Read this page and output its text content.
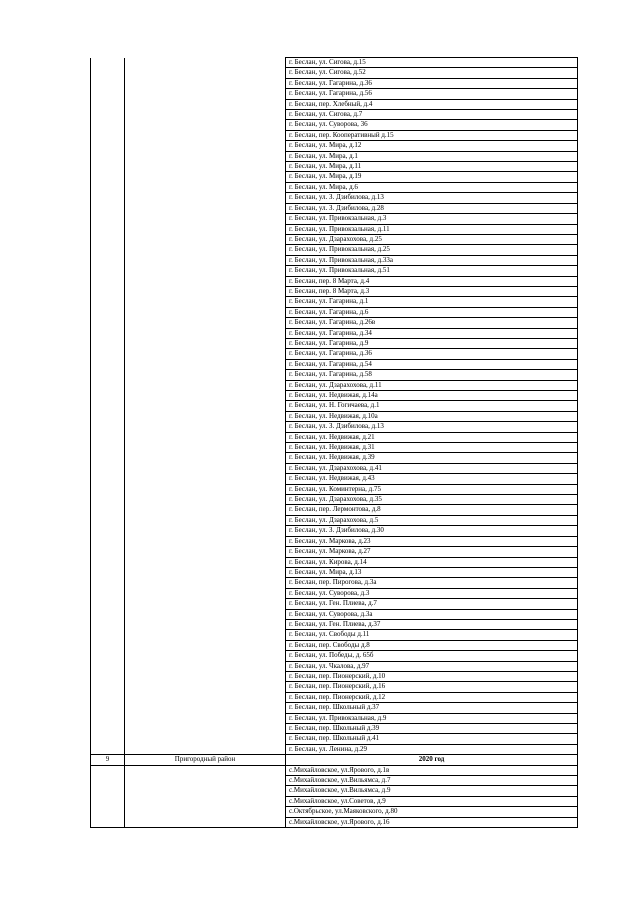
		г. Беслан, ул. Сигова, д.15
		г. Беслан, ул. Сигова, д.52
		г. Беслан, ул. Гагарина, д.36
		г. Беслан, ул. Гагарина, д.56
		г. Беслан, пер. Хлебный, д.4
		г. Беслан, ул. Сигова, д.7
		г. Беслан, ул. Суворова, 36
		г. Беслан, пер. Кооперативный д.15
		г. Беслан, ул. Мира, д.12
		г. Беслан, ул. Мира, д.1
		г. Беслан, ул. Мира, д.11
		г. Беслан, ул. Мира, д.19
		г. Беслан, ул. Мира, д.6
		г. Беслан, ул. З. Дзибилова, д.13
		г. Беслан, ул. З. Дзибилова, д.28
		г. Беслан, ул. Привокзальная, д.3
		г. Беслан, ул. Привокзальная, д.11
		г. Беслан, ул. Дзарахохова, д.25
		г. Беслан, ул. Привокзальная, д.25
		г. Беслан, ул. Привокзальная, д.33а
		г. Беслан, ул. Привокзальная, д.51
		г. Беслан, пер. 8 Марта, д.4
		г. Беслан, пер. 8 Марта, д.3
		г. Беслан, ул. Гагарина, д.1
		г. Беслан, ул. Гагарина, д.6
		г. Беслан, ул. Гагарина, д.26в
		г. Беслан, ул. Гагарина, д.34
		г. Беслан, ул. Гагарина, д.9
		г. Беслан, ул. Гагарина, д.36
		г. Беслан, ул. Гагарина, д.54
		г. Беслан, ул. Гагарина, д.58
		г. Беслан, ул. Дзарахохова, д.11
		г. Беслан, ул. Недвижая, д.14а
		г. Беслан, ул. Н. Гогичаева, д.1
		г. Беслан, ул. Недвижая, д.10а
		г. Беслан, ул. З. Дзибилова, д.13
		г. Беслан, ул. Недвижая, д.21
		г. Беслан, ул. Недвижая, д.31
		г. Беслан, ул. Недвижая, д.39
		г. Беслан, ул. Дзарахохова, д.41
		г. Беслан, ул. Недвижая, д.43
		г. Беслан, ул. Коминтерна, д.75
		г. Беслан, ул. Дзарахохова, д.35
		г. Беслан, пер. Лермонтова, д.8
		г. Беслан, ул. Дзарахохова, д.5
		г. Беслан, ул. З. Дзибилова, д.30
		г. Беслан, ул. Маркова, д.23
		г. Беслан, ул. Маркова, д.27
		г. Беслан, ул. Кирова, д.14
		г. Беслан, ул. Мира, д.13
		г. Беслан, пер. Пирогова, д.3а
		г. Беслан, ул. Суворова, д.3
		г. Беслан, ул. Ген. Плиева, д.7
		г. Беслан, ул. Суворова, д.3а
		г. Беслан, ул. Ген. Плиева, д.37
		г. Беслан, ул. Свободы д.11
		г. Беслан, пер. Свободы д.8
		г. Беслан, ул. Победы, д. 65б
		г. Беслан, ул. Чкалова, д.97
		г. Беслан, пер. Пионерский, д.10
		г. Беслан, пер. Пионерский, д.16
		г. Беслан, пер. Пионерский, д.12
		г. Беслан, пер. Школьный д.37
		г. Беслан, ул. Привокзальная, д.9
		г. Беслан, пер. Школьный д.39
		г. Беслан, пер. Школьный д.41
		г. Беслан, ул. Ленина, д.29
9	Пригородный район	2020 год
		с.Михайловское, ул.Ярового, д.1в
		с.Михайловское, ул.Вильямса, д.7
		с.Михайловское, ул.Вильямса, д.9
		с.Михайловское, ул.Советов, д.9
		с.Октябрьское, ул.Маяковского, д.80
		с.Михайловское, ул.Ярового, д.16
